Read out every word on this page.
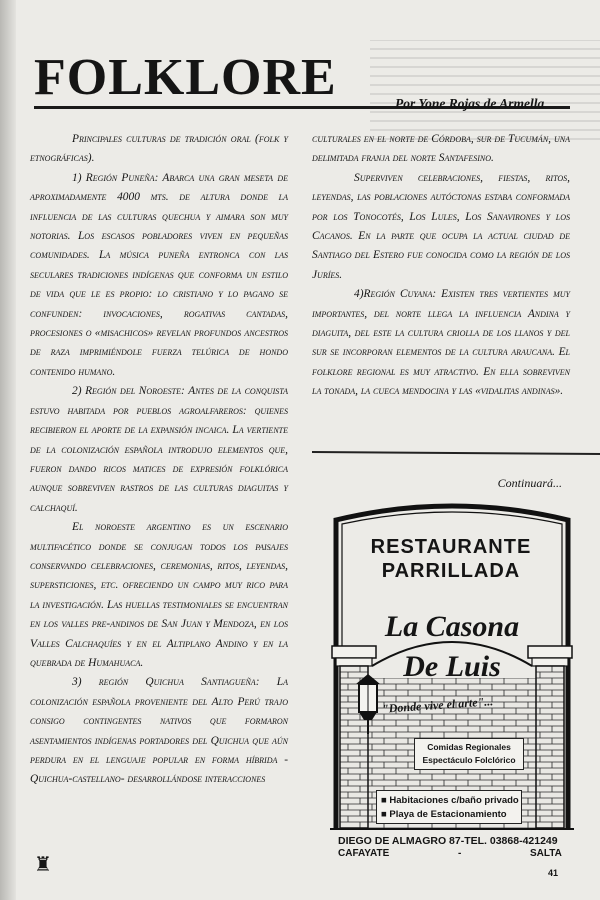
FOLKLORE	Por Yone Rojas de Armella

Principales culturas de tradición oral (folk y etnográficas).

1) Región Puneña: Abarca una gran meseta de aproximadamente 4000 mts. de altura donde la influencia de las culturas quechua y aimara son muy notorias. Los escasos pobladores viven en pequeñas comunidades. La música puneña entronca con las seculares tradiciones indígenas que conforma un estilo de vida que le es propio: lo cristiano y lo pagano se confunden: invocaciones, rogativas cantadas, procesiones o «misachicos» revelan profundos ancestros de raza imprimiéndole fuerza telúrica de hondo contenido humano.

2) Región del Noroeste: Antes de la conquista estuvo habitada por pueblos agroalfareros: quienes recibieron el aporte de la expansión incaica. La vertiente de la colonización española introdujo elementos que, fueron dando ricos matices de expresión folklórica aunque sobreviven rastros de las culturas diaguitas y calchaquí.

El noroeste argentino es un escenario multifacético donde se conjugan todos los paisajes conservando celebraciones, ceremonias, ritos, leyendas, supersticiones, etc. ofreciendo un campo muy rico para la investigación. Las huellas testimoniales se encuentran en los valles pre-andinos de San Juan y Mendoza, en los Valles Calchaquíes y en el Altiplano Andino y en la quebrada de Humahuaca.

3) región Quichua Santiagueña: La colonización española proveniente del Alto Perú trajo consigo contingentes nativos que formaron asentamientos indígenas portadores del Quichua que aún perdura en el lenguaje popular en forma híbrida -Quichua-castellano- desarrollándose interacciones

culturales en el norte de Córdoba, sur de Tucumán, una delimitada franja del norte Santafesino.

Superviven celebraciones, fiestas, ritos, leyendas, las poblaciones autóctonas estaba conformada por los Tonocotés, Los Lules, Los Sanavirones y los Cacanos. En la parte que ocupa la actual ciudad de Santiago del Estero fue conocida como la región de los Juríes.

4)Región Cuyana: Existen tres vertientes muy importantes, del norte llega la influencia Andina y diaguita, del este la cultura criolla de los llanos y del sur se incorporan elementos de la cultura araucana. El folklore regional es muy atractivo. En ella sobreviven la tonada, la cueca mendocina y las «vidalitas andinas».

Continuará...
RESTAURANTE
PARRILLADA
La Casona
De Luis
"Donde vive el arte"...
Comidas Regionales
Espectáculo Folclórico
■ Habitaciones c/baño privado
■ Playa de Estacionamiento
DIEGO DE ALMAGRO 87-TEL. 03868-421249
CAFAYATE	-	SALTA
♜	41
